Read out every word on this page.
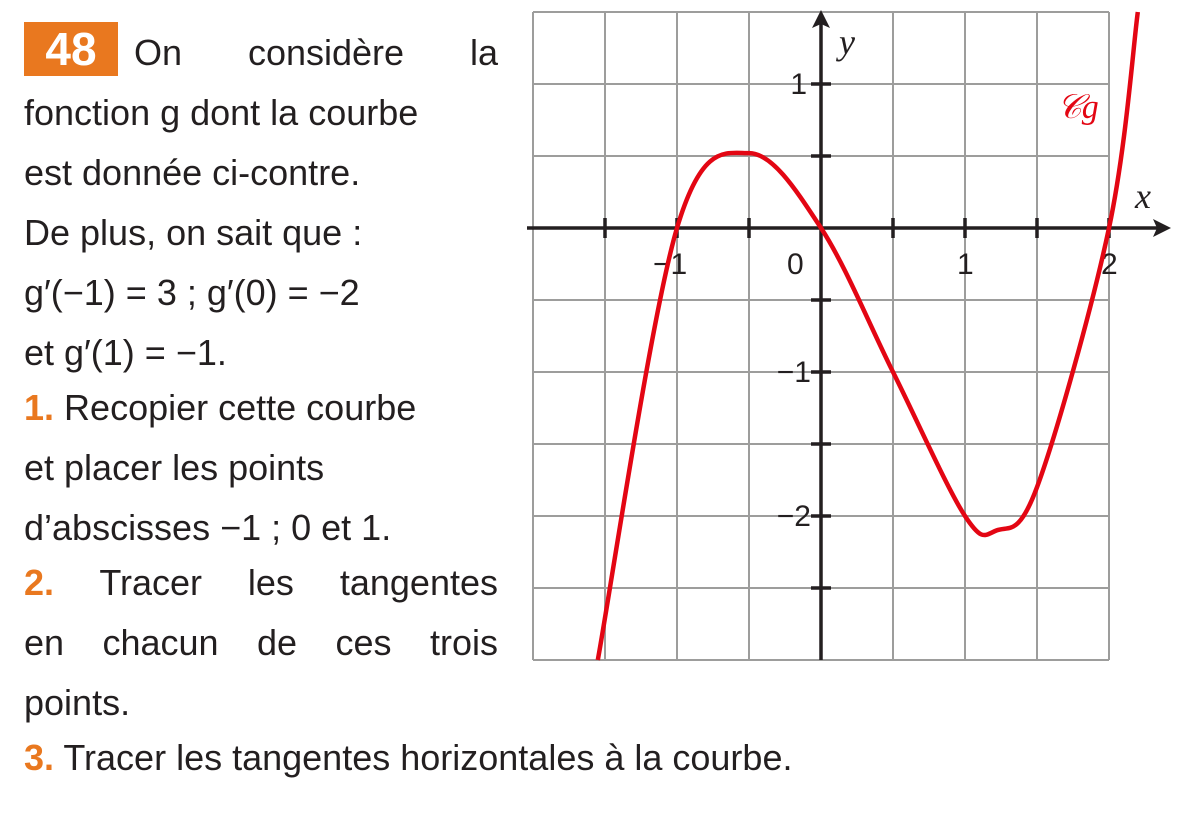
48	On considère la
fonction g dont la courbe
est donnée ci-contre.
De plus, on sait que :
g′(−1) = 3 ; g′(0) = −2
et g′(1) = −1.
1. Recopier cette courbe
et placer les points
d’abscisses −1 ; 0 et 1.
2. Tracer les tangentes
en chacun de ces trois
points.
3. Tracer les tangentes horizontales à la courbe.
x
y
−1	0	1	2
1
−1
−2
𝒞g
